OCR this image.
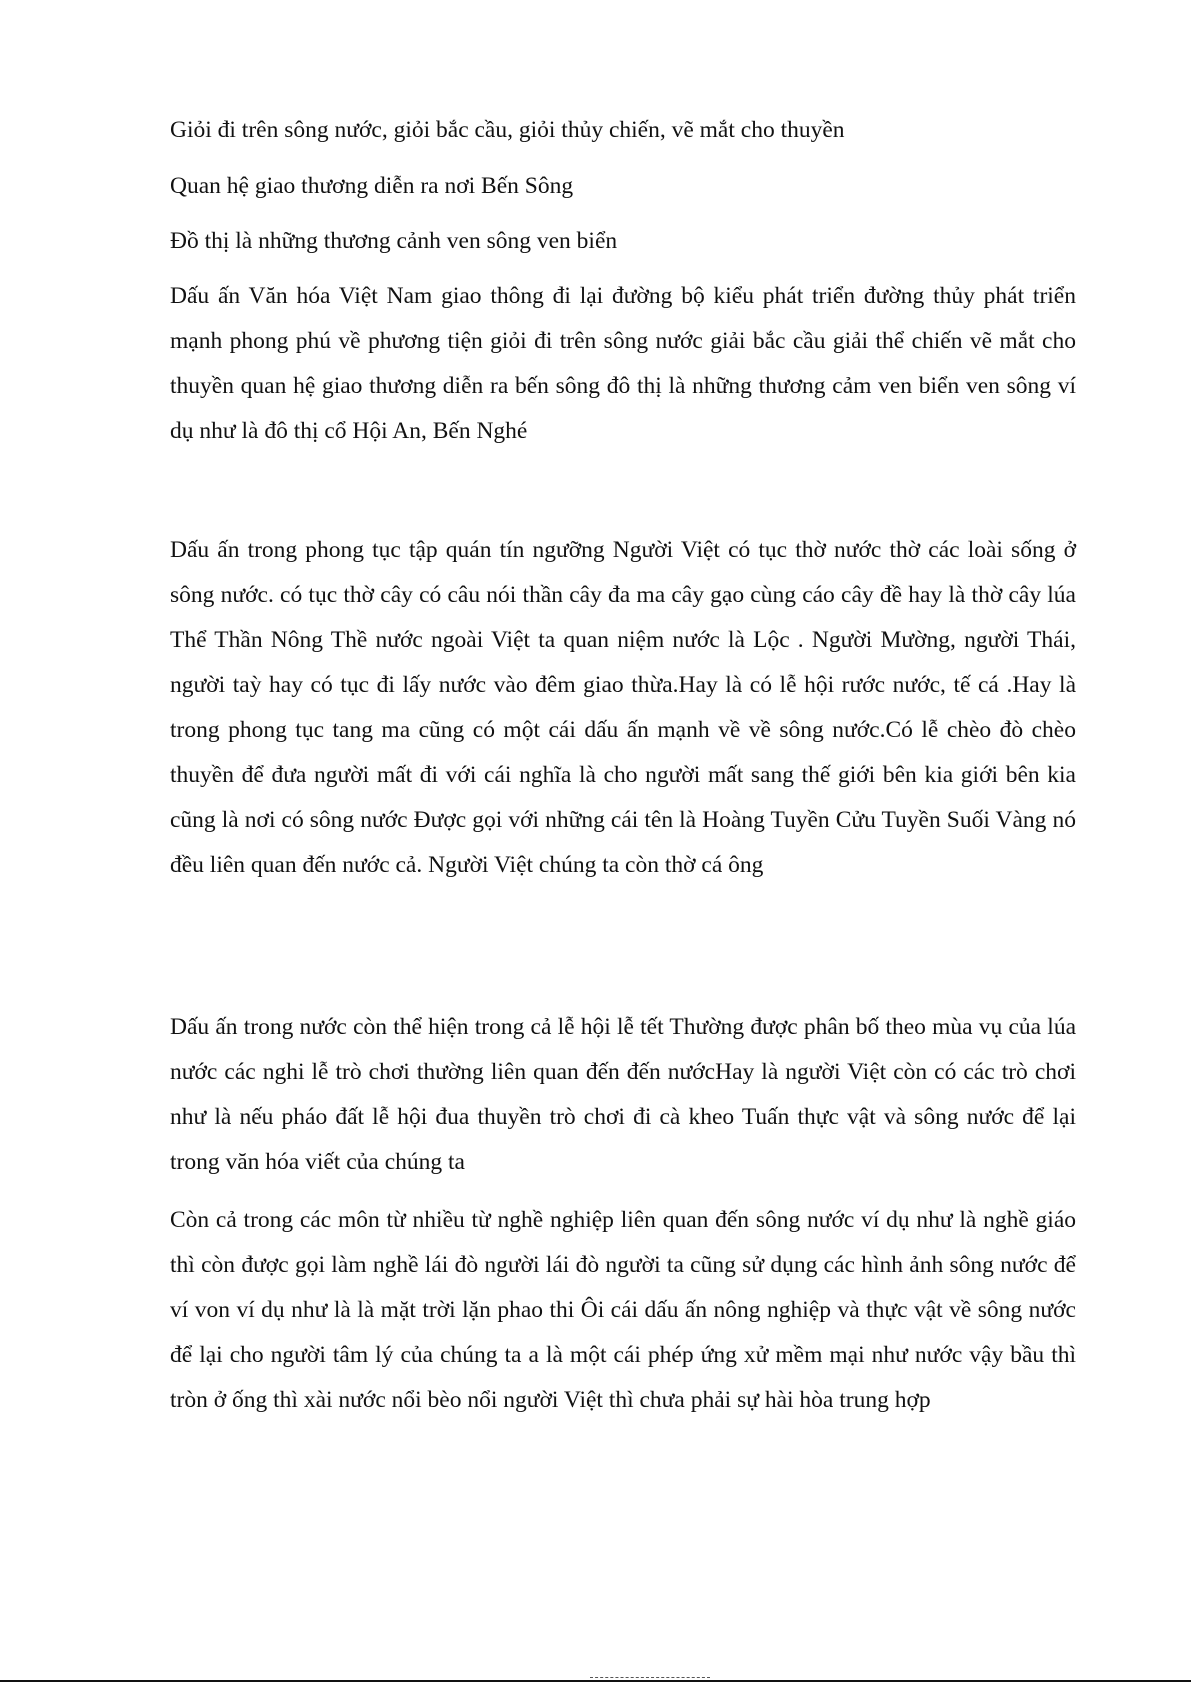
Giỏi đi trên sông nước, giỏi bắc cầu, giỏi thủy chiến, vẽ mắt cho thuyền

Quan hệ giao thương diễn ra nơi Bến Sông

Đồ thị là những thương cảnh ven sông ven biển

Dấu ấn Văn hóa Việt Nam giao thông đi lại đường bộ kiểu phát triển đường thủy phát triển mạnh phong phú về phương tiện giỏi đi trên sông nước giải bắc cầu giải thể chiến vẽ mắt cho thuyền quan hệ giao thương diễn ra bến sông đô thị là những thương cảm ven biển ven sông ví dụ như là đô thị cổ Hội An, Bến Nghé

Dấu ấn trong phong tục tập quán tín ngưỡng Người Việt có tục thờ nước thờ các loài sống ở sông nước. có tục thờ cây có câu nói thần cây đa ma cây gạo cùng cáo cây đề hay là thờ cây lúa Thể Thần Nông Thề nước ngoài Việt ta quan niệm nước là Lộc . Người Mường, người Thái, người taỳ hay có tục đi lấy nước vào đêm giao thừa.Hay là có lễ hội rước nước, tế cá .Hay là trong phong tục tang ma cũng có một cái dấu ấn mạnh về về sông nước.Có lễ chèo đò chèo thuyền để đưa người mất đi với cái nghĩa là cho người mất sang thế giới bên kia giới bên kia cũng là nơi có sông nước Được gọi với những cái tên là Hoàng Tuyền Cửu Tuyền Suối Vàng nó đều liên quan đến nước cả. Người Việt chúng ta còn thờ cá ông

Dấu ấn trong nước còn thể hiện trong cả lễ hội lễ tết Thường được phân bố theo mùa vụ của lúa nước các nghi lễ trò chơi thường liên quan đến đến nướcHay là người Việt còn có các trò chơi như là nếu pháo đất lễ hội đua thuyền trò chơi đi cà kheo Tuấn thực vật và sông nước để lại trong văn hóa viết của chúng ta

Còn cả trong các môn từ nhiều từ nghề nghiệp liên quan đến sông nước ví dụ như là nghề giáo thì còn được gọi làm nghề lái đò người lái đò người ta cũng sử dụng các hình ảnh sông nước để ví von ví dụ như là là mặt trời lặn phao thi Ôi cái dấu ấn nông nghiệp và thực vật về sông nước để lại cho người tâm lý của chúng ta a là một cái phép ứng xử mềm mại như nước vậy bầu thì tròn ở ống thì xài nước nổi bèo nổi người Việt thì chưa phải sự hài hòa trung hợp
